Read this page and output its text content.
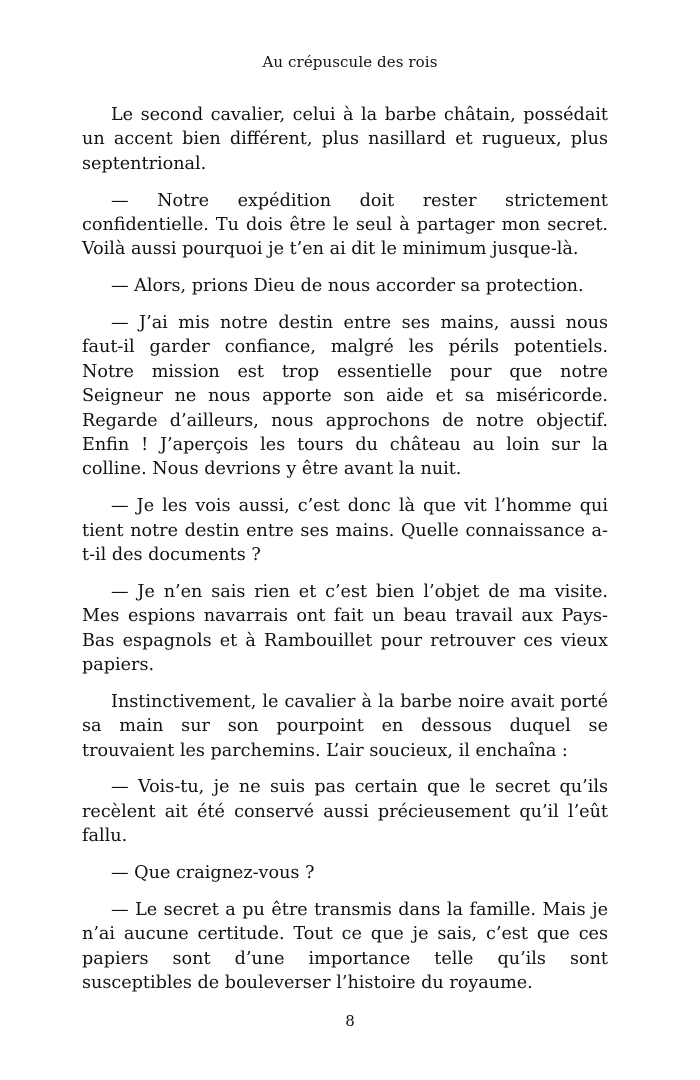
Au crépuscule des rois

Le second cavalier, celui à la barbe châtain, possédait un accent bien différent, plus nasillard et rugueux, plus septentrional.

— Notre expédition doit rester strictement confidentielle. Tu dois être le seul à partager mon secret. Voilà aussi pourquoi je t’en ai dit le minimum jusque-là.

— Alors, prions Dieu de nous accorder sa protection.

— J’ai mis notre destin entre ses mains, aussi nous faut-il garder confiance, malgré les périls potentiels. Notre mission est trop essentielle pour que notre Seigneur ne nous apporte son aide et sa miséricorde. Regarde d’ailleurs, nous approchons de notre objectif. Enfin ! J’aperçois les tours du château au loin sur la colline. Nous devrions y être avant la nuit.

— Je les vois aussi, c’est donc là que vit l’homme qui tient notre destin entre ses mains. Quelle connaissance a-t-il des documents ?

— Je n’en sais rien et c’est bien l’objet de ma visite. Mes espions navarrais ont fait un beau travail aux Pays-Bas espagnols et à Rambouillet pour retrouver ces vieux papiers.

Instinctivement, le cavalier à la barbe noire avait porté sa main sur son pourpoint en dessous duquel se trouvaient les parchemins. L’air soucieux, il enchaîna :

— Vois-tu, je ne suis pas certain que le secret qu’ils recèlent ait été conservé aussi précieusement qu’il l’eût fallu.

— Que craignez-vous ?

— Le secret a pu être transmis dans la famille. Mais je n’ai aucune certitude. Tout ce que je sais, c’est que ces papiers sont d’une importance telle qu’ils sont susceptibles de bouleverser l’histoire du royaume.

8
